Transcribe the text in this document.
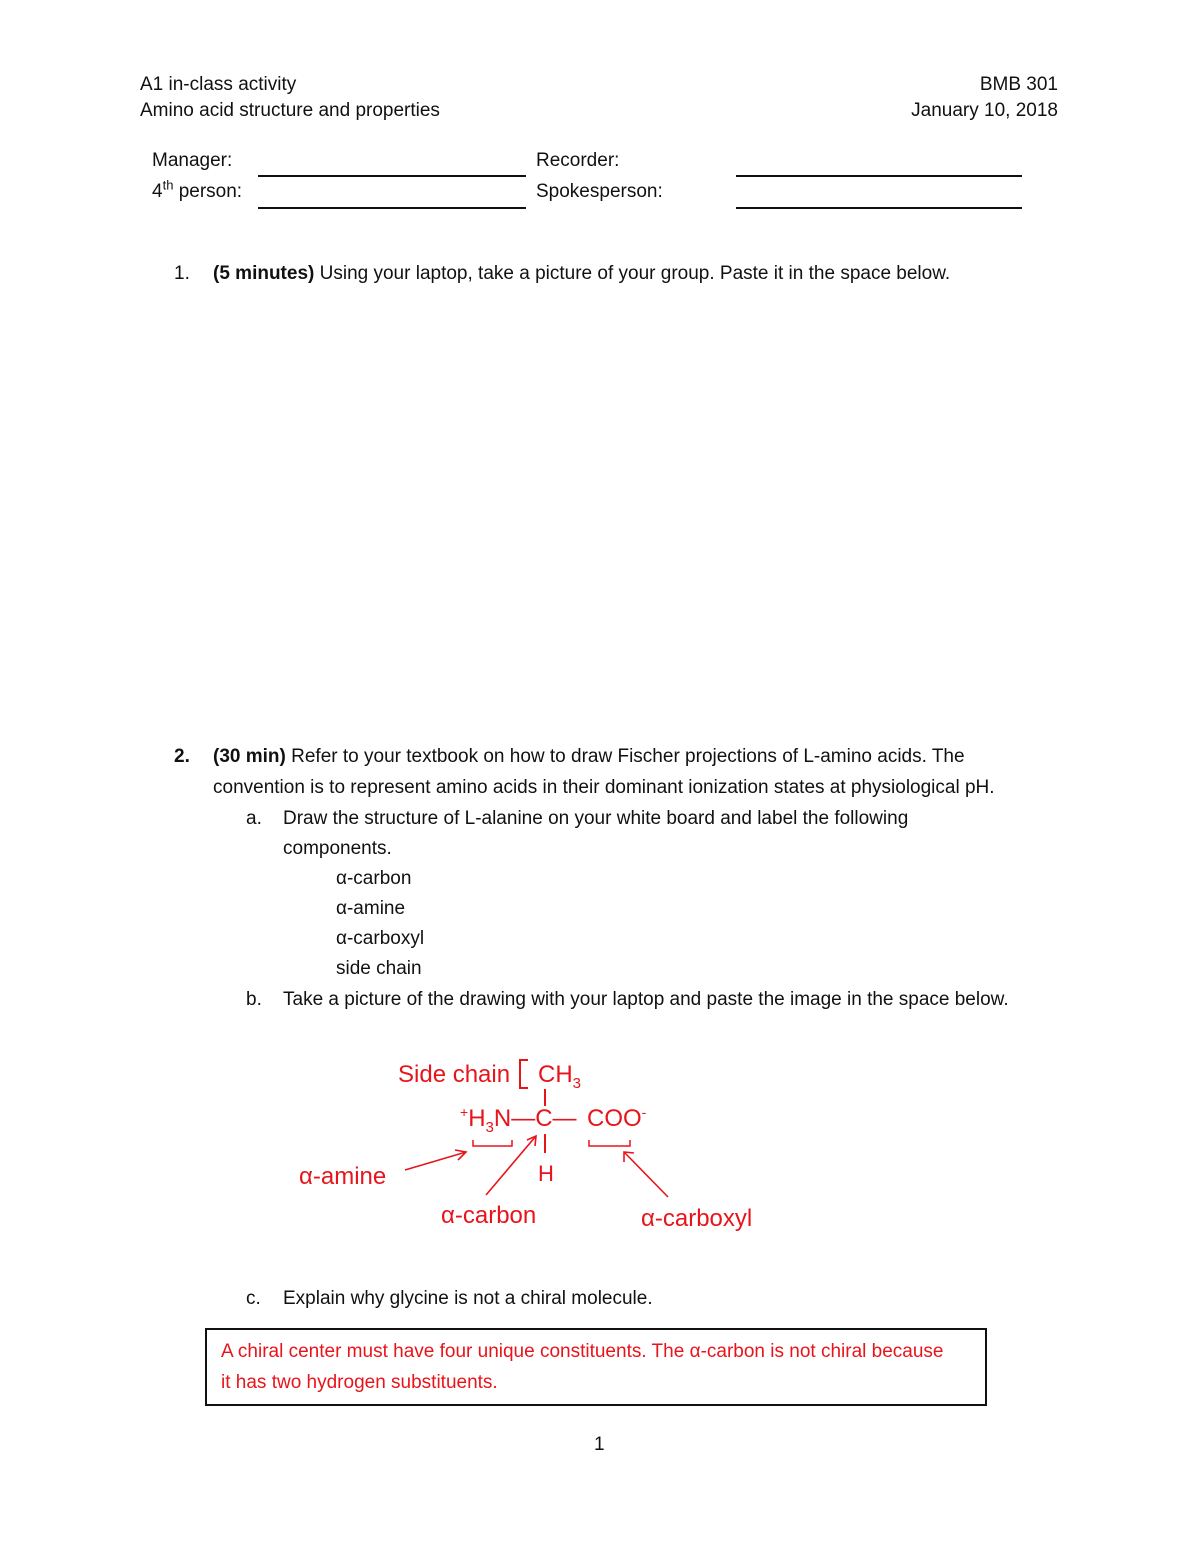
A1 in-class activity
Amino acid structure and properties
BMB 301
January 10, 2018
Manager:	Recorder:
4th person:	Spokesperson:
1. (5 minutes) Using your laptop, take a picture of your group. Paste it in the space below.
2. (30 min) Refer to your textbook on how to draw Fischer projections of L-amino acids. The
convention is to represent amino acids in their dominant ionization states at physiological pH.
a. Draw the structure of L-alanine on your white board and label the following
components.
α-carbon
α-amine
α-carboxyl
side chain
b. Take a picture of the drawing with your laptop and paste the image in the space below.
Side chain $CH_3$
$^+H_3N—C—$ COO-
H
α-amine
α-carbon	α-carboxyl
c. Explain why glycine is not a chiral molecule.
A chiral center must have four unique constituents. The α-carbon is not chiral because
it has two hydrogen substituents.
1
